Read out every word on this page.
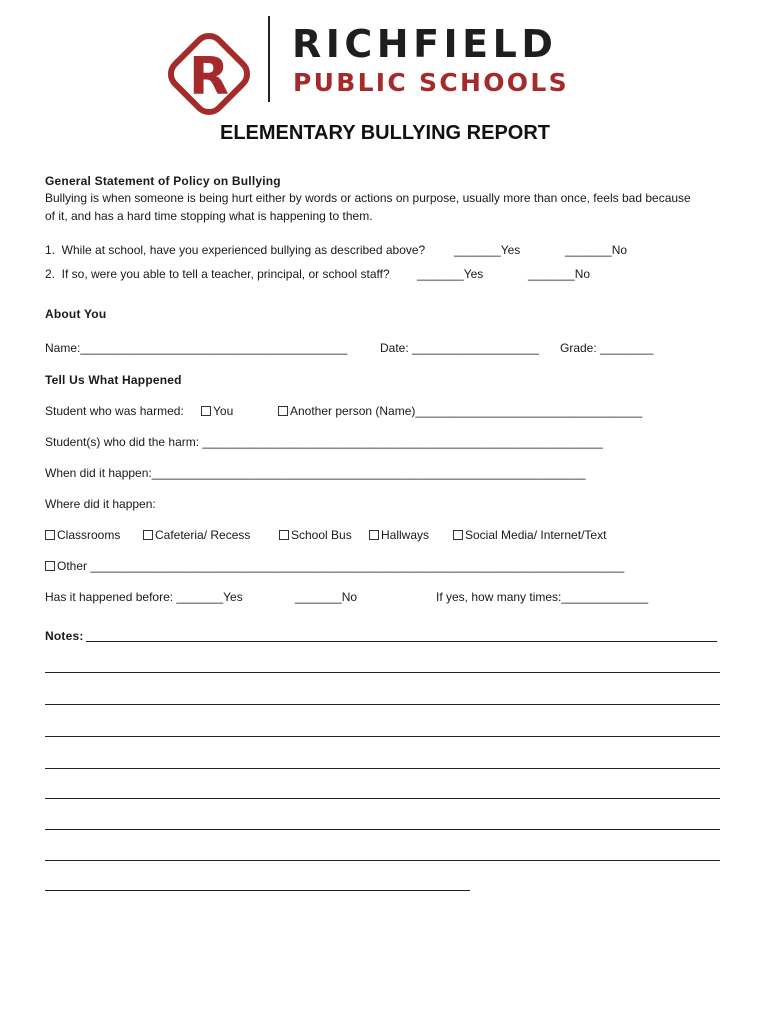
R

RICHFIELD
PUBLIC SCHOOLS
ELEMENTARY BULLYING REPORT
General Statement of Policy on Bullying
Bullying is when someone is being hurt either by words or actions on purpose, usually more than once, feels bad because
of it, and has a hard time stopping what is happening to them.
1.  While at school, have you experienced bullying as described above? _______Yes	_______No
2.  If so, were you able to tell a teacher, principal, or school staff? _______Yes	_______No
About You
Name:________________________________________	Date: ___________________ Grade: ________
Tell Us What Happened
Student who was harmed:	You	Another person (Name)__________________________________
Student(s) who did the harm: ____________________________________________________________
When did it happen:_________________________________________________________________
Where did it happen:
Classrooms	Cafeteria/ Recess	School Bus	Hallways	Social Media/ Internet/Text
Other ________________________________________________________________________________
Has it happened before: _______Yes	_______No	If yes, how many times:_____________
Notes:
